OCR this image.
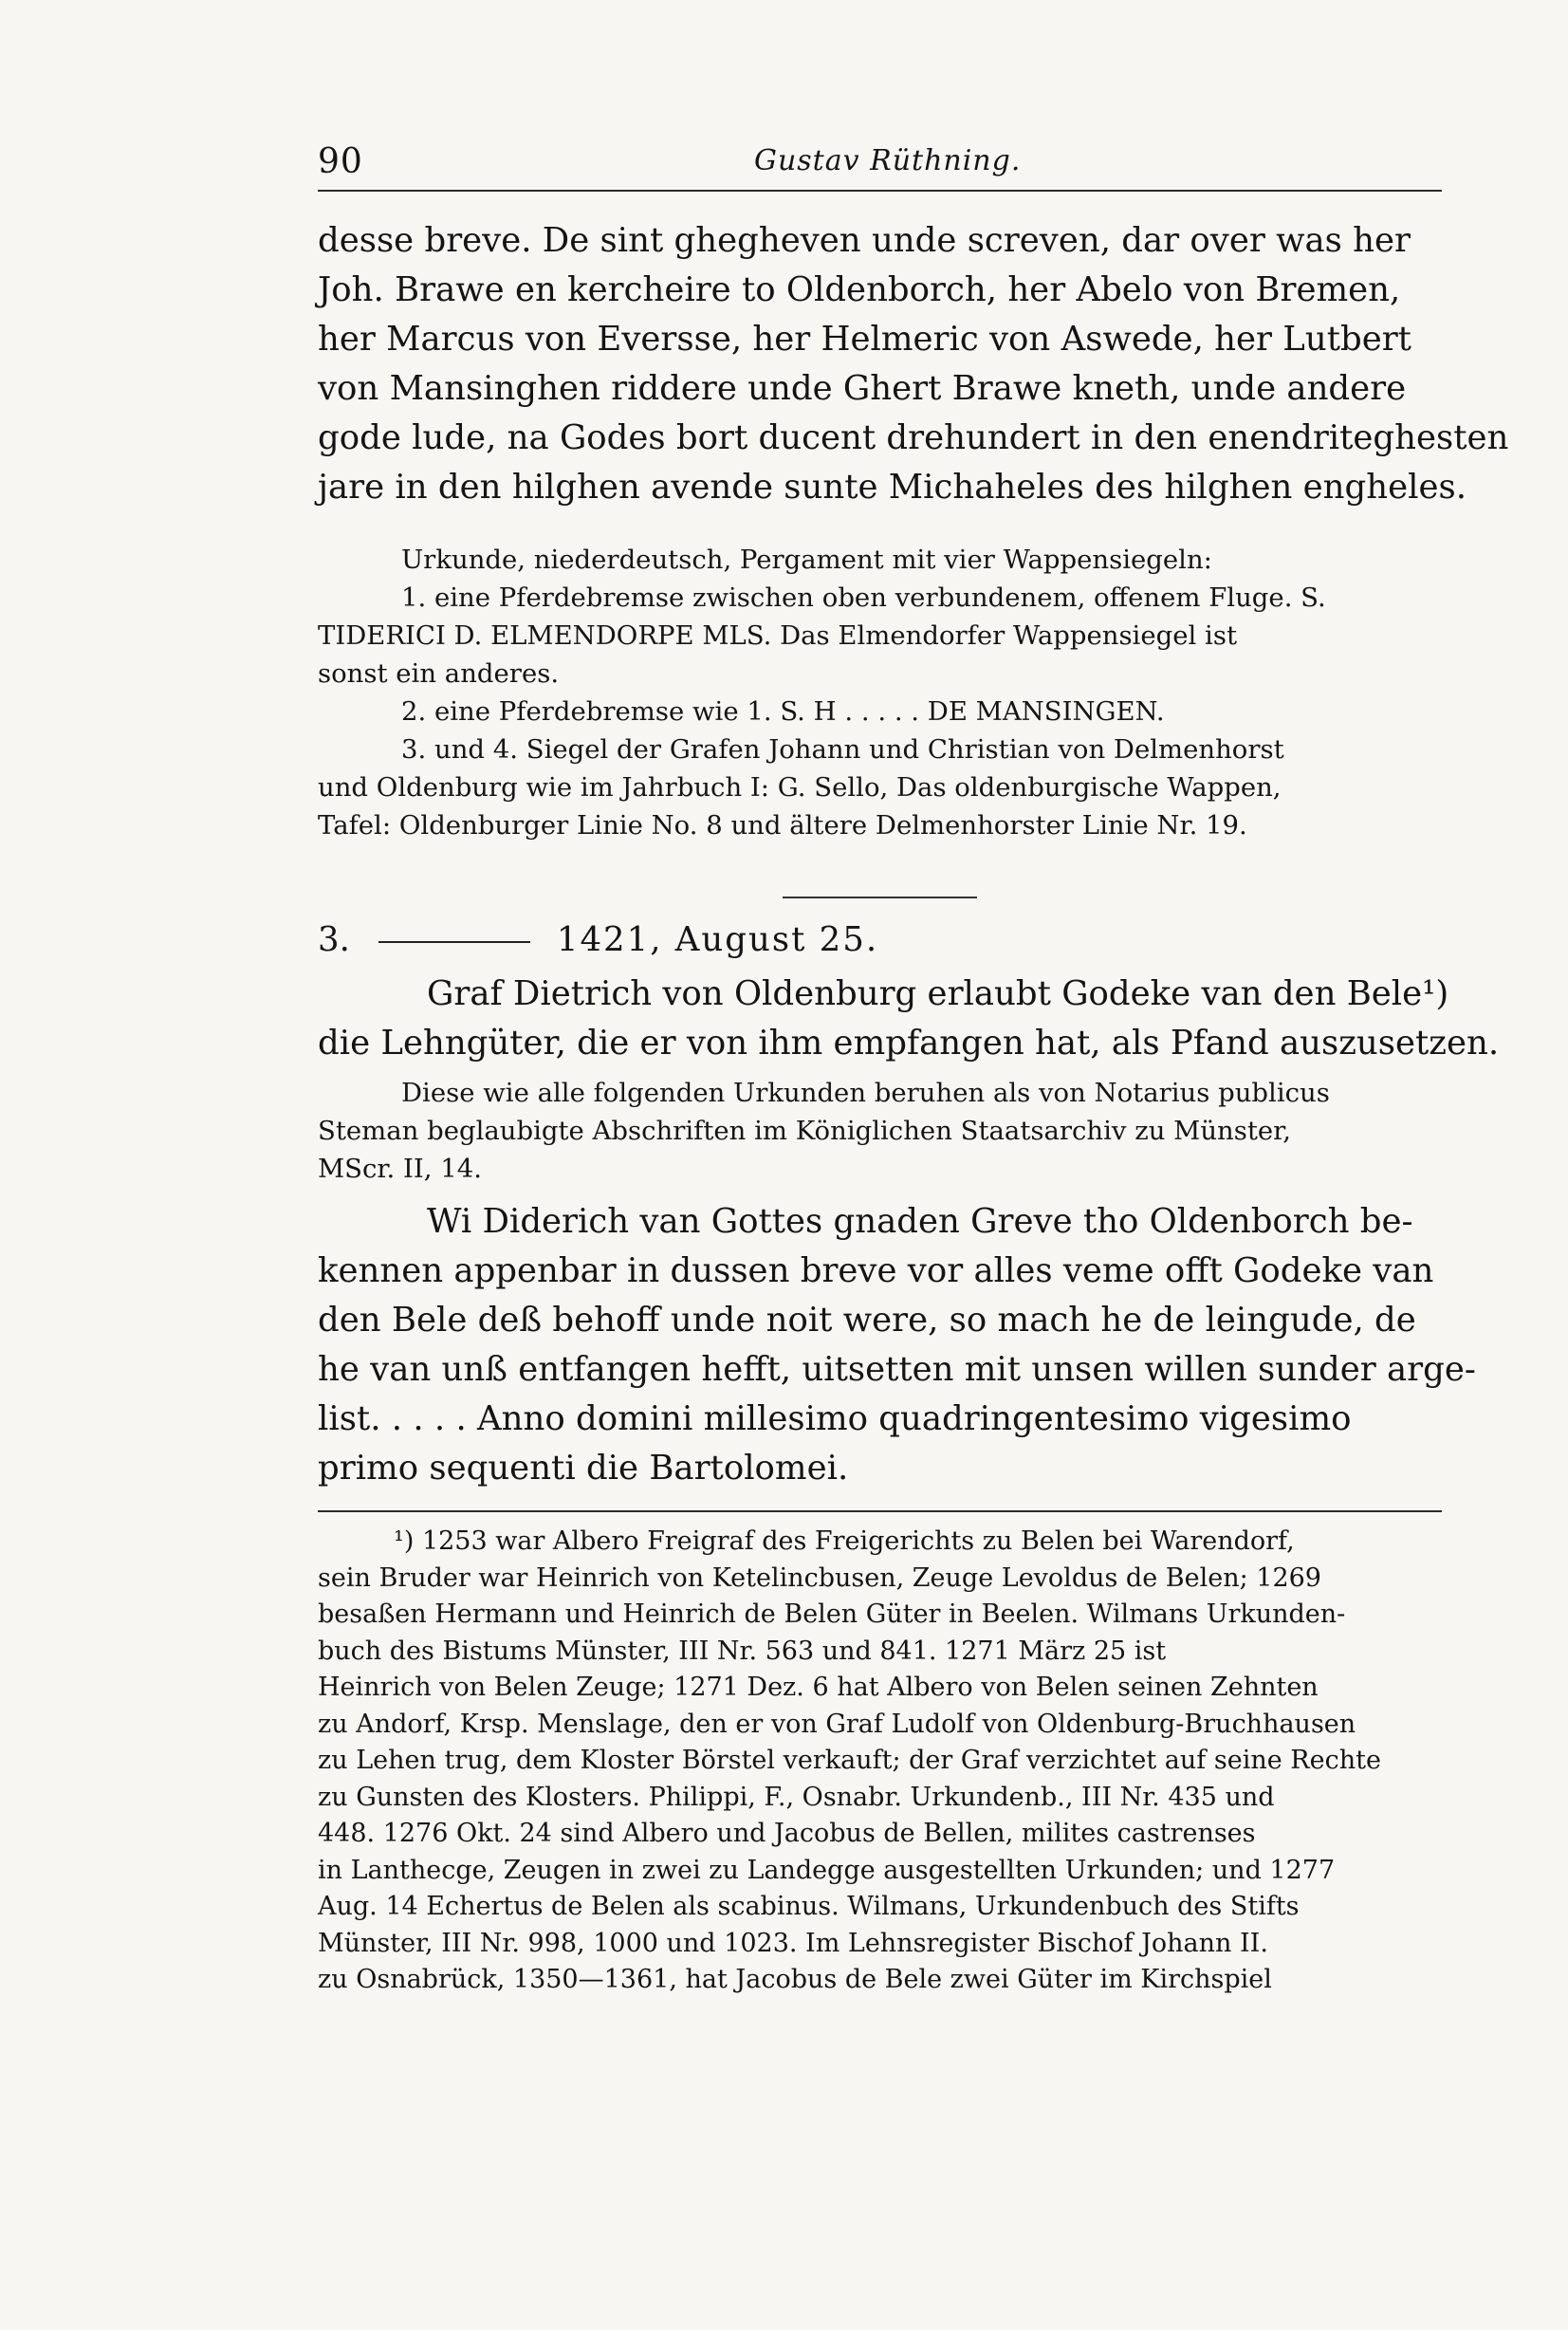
90	Gustav Rüthning.
desse breve. De sint ghegheven unde screven, dar over was her
Joh. Brawe en kercheire to Oldenborch, her Abelo von Bremen,
her Marcus von Eversse, her Helmeric von Aswede, her Lutbert
von Mansinghen riddere unde Ghert Brawe kneth, unde andere
gode lude, na Godes bort ducent drehundert in den enendriteghesten
jare in den hilghen avende sunte Michaheles des hilghen engheles.
Urkunde, niederdeutsch, Pergament mit vier Wappensiegeln:
1. eine Pferdebremse zwischen oben verbundenem, offenem Fluge. S.
TIDERICI D. ELMENDORPE MLS. Das Elmendorfer Wappensiegel ist
sonst ein anderes.
2. eine Pferdebremse wie 1. S. H . . . . . DE MANSINGEN.
3. und 4. Siegel der Grafen Johann und Christian von Delmenhorst
und Oldenburg wie im Jahrbuch I: G. Sello, Das oldenburgische Wappen,
Tafel: Oldenburger Linie No. 8 und ältere Delmenhorster Linie Nr. 19.
3.	1421, August 25.
Graf Dietrich von Oldenburg erlaubt Godeke van den Bele¹)
die Lehngüter, die er von ihm empfangen hat, als Pfand auszusetzen.
Diese wie alle folgenden Urkunden beruhen als von Notarius publicus
Steman beglaubigte Abschriften im Königlichen Staatsarchiv zu Münster,
MScr. II, 14.
Wi Diderich van Gottes gnaden Greve tho Oldenborch be-
kennen appenbar in dussen breve vor alles veme offt Godeke van
den Bele deß behoff unde noit were, so mach he de leingude, de
he van unß entfangen hefft, uitsetten mit unsen willen sunder arge-
list. . . . . Anno domini millesimo quadringentesimo vigesimo
primo sequenti die Bartolomei.
¹) 1253 war Albero Freigraf des Freigerichts zu Belen bei Warendorf,
sein Bruder war Heinrich von Ketelincbusen, Zeuge Levoldus de Belen; 1269
besaßen Hermann und Heinrich de Belen Güter in Beelen. Wilmans Urkunden-
buch des Bistums Münster, III Nr. 563 und 841. 1271 März 25 ist
Heinrich von Belen Zeuge; 1271 Dez. 6 hat Albero von Belen seinen Zehnten
zu Andorf, Krsp. Menslage, den er von Graf Ludolf von Oldenburg-Bruchhausen
zu Lehen trug, dem Kloster Börstel verkauft; der Graf verzichtet auf seine Rechte
zu Gunsten des Klosters. Philippi, F., Osnabr. Urkundenb., III Nr. 435 und
448. 1276 Okt. 24 sind Albero und Jacobus de Bellen, milites castrenses
in Lanthecge, Zeugen in zwei zu Landegge ausgestellten Urkunden; und 1277
Aug. 14 Echertus de Belen als scabinus. Wilmans, Urkundenbuch des Stifts
Münster, III Nr. 998, 1000 und 1023. Im Lehnsregister Bischof Johann II.
zu Osnabrück, 1350—1361, hat Jacobus de Bele zwei Güter im Kirchspiel
